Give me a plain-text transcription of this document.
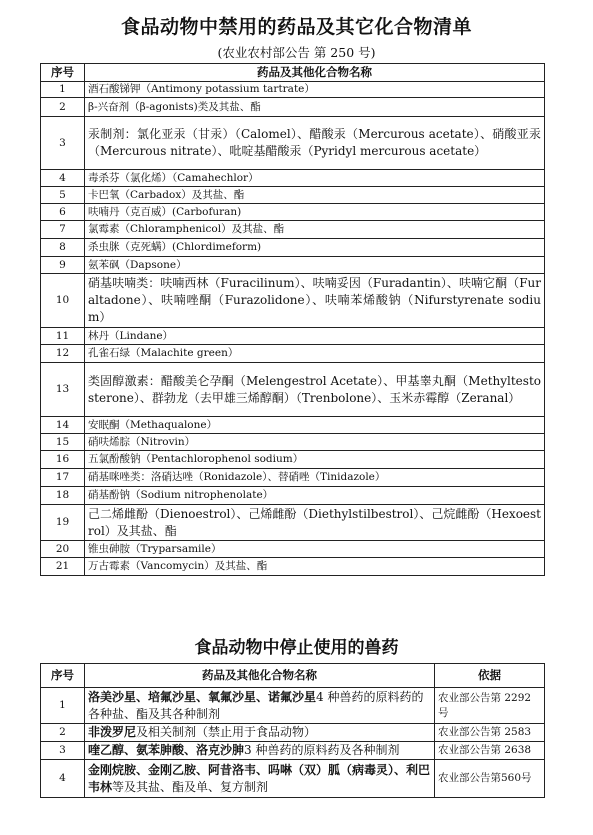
食品动物中禁用的药品及其它化合物清单
(农业农村部公告 第 250 号)
序号	药品及其他化合物名称
1	酒石酸锑钾（Antimony potassium tartrate）
2	β-兴奋剂（β-agonists)类及其盐、酯
3	汞制剂：氯化亚汞（甘汞）（Calomel）、醋酸汞（Mercurous acetate）、硝酸亚汞（Mercurous nitrate）、吡啶基醋酸汞（Pyridyl mercurous acetate）
4	毒杀芬（氯化烯）（Camahechlor）
5	卡巴氧（Carbadox）及其盐、酯
6	呋喃丹（克百威）(Carbofuran)
7	氯霉素（Chloramphenicol）及其盐、酯
8	杀虫脒（克死螨）(Chlordimeform)
9	氨苯砜（Dapsone）
10	硝基呋喃类：呋喃西林（Furacilinum）、呋喃妥因（Furadantin）、呋喃它酮（Furaltadone）、呋喃唑酮（Furazolidone）、呋喃苯烯酸钠（Nifurstyrenate sodium）
11	林丹（Lindane）
12	孔雀石绿（Malachite green）
13	类固醇激素：醋酸美仑孕酮（Melengestrol Acetate）、甲基睾丸酮（Methyltestosterone）、群勃龙（去甲雄三烯醇酮）（Trenbolone）、玉米赤霉醇（Zeranal）
14	安眠酮（Methaqualone）
15	硝呋烯腙（Nitrovin）
16	五氯酚酸钠（Pentachlorophenol sodium）
17	硝基咪唑类：洛硝达唑（Ronidazole）、替硝唑（Tinidazole）
18	硝基酚钠（Sodium nitrophenolate）
19	己二烯雌酚（Dienoestrol）、己烯雌酚（Diethylstilbestrol）、己烷雌酚（Hexoestrol）及其盐、酯
20	锥虫砷胺（Tryparsamile）
21	万古霉素（Vancomycin）及其盐、酯
食品动物中停止使用的兽药
序号	药品及其他化合物名称	依据
1	洛美沙星、培氟沙星、氧氟沙星、诺氟沙星4 种兽药的原料药的各种盐、酯及其各种制剂	农业部公告第 2292 号
2	非泼罗尼及相关制剂（禁止用于食品动物）	农业部公告第 2583
3	喹乙醇、氨苯胂酸、洛克沙胂3 种兽药的原料药及各种制剂	农业部公告第 2638
4	金刚烷胺、金刚乙胺、阿昔洛韦、吗啉（双）胍（病毒灵）、利巴韦林等及其盐、酯及单、复方制剂	农业部公告第560号
